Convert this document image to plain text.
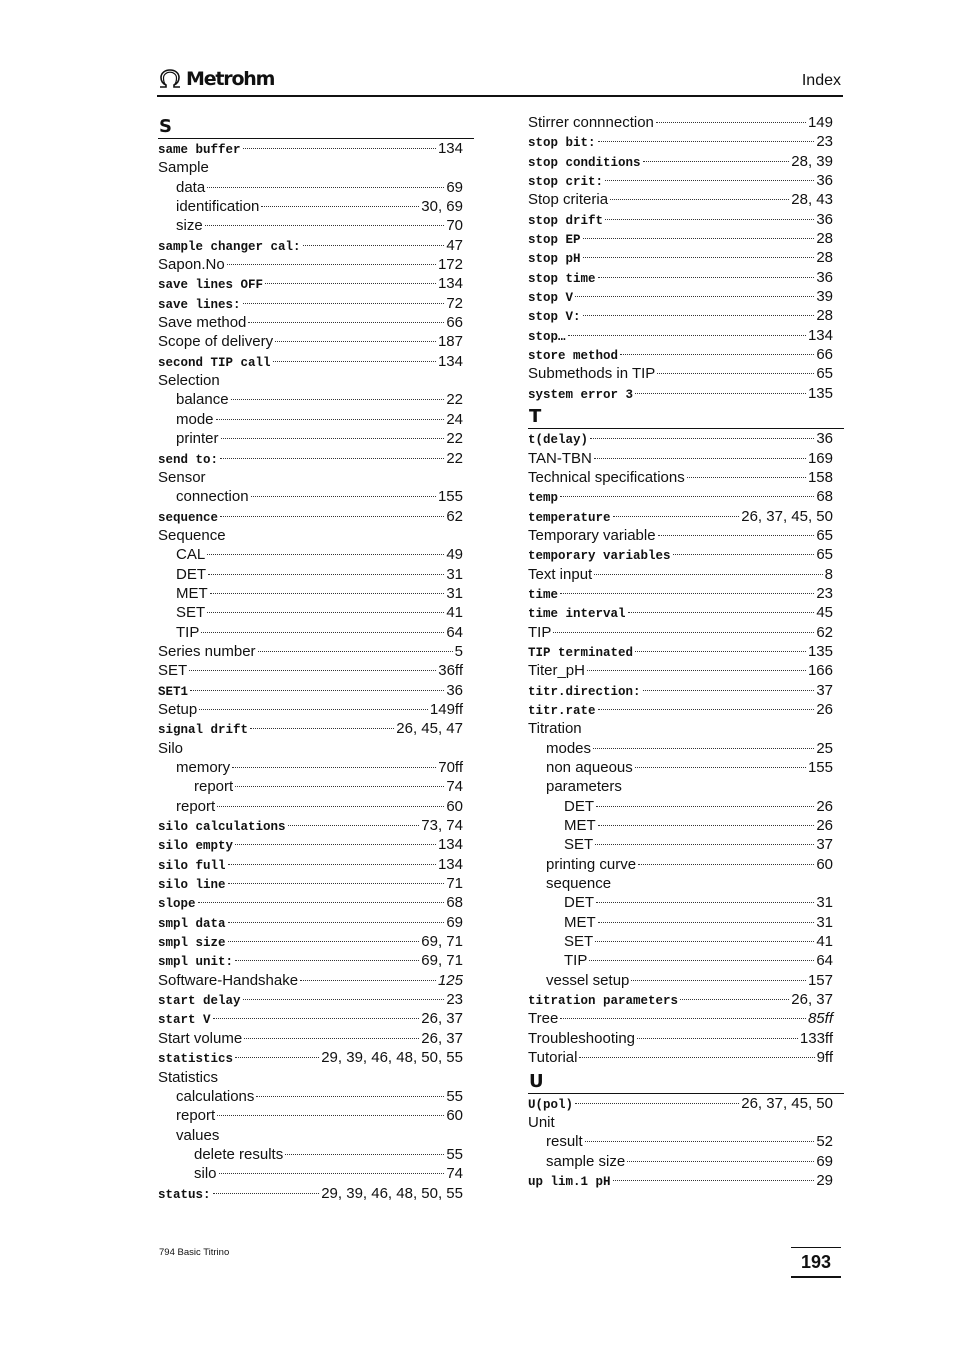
Metrohm	Index
S
same buffer	134
Sample
data	69
identification	30, 69
size	70
sample changer cal:	47
Sapon.No	172
save lines OFF	134
save lines:	72
Save method	66
Scope of delivery	187
second TIP call	134
Selection
balance	22
mode	24
printer	22
send to:	22
Sensor
connection	155
sequence	62
Sequence
CAL	49
DET	31
MET	31
SET	41
TIP	64
Series number	5
SET	36ff
SET1	36
Setup	149ff
signal drift	26, 45, 47
Silo
memory	70ff
report	74
report	60
silo calculations	73, 74
silo empty	134
silo full	134
silo line	71
slope	68
smpl data	69
smpl size	69, 71
smpl unit:	69, 71
Software-Handshake	125
start delay	23
start V	26, 37
Start volume	26, 37
statistics	29, 39, 46, 48, 50, 55
Statistics
calculations	55
report	60
values
delete results	55
silo	74
status:	29, 39, 46, 48, 50, 55
Stirrer connnection	149
stop bit:	23
stop conditions	28, 39
stop crit:	36
Stop criteria	28, 43
stop drift	36
stop EP	28
stop pH	28
stop time	36
stop V	39
stop V:	28
stop…	134
store method	66
Submethods in TIP	65
system error 3	135
T
t(delay)	36
TAN-TBN	169
Technical specifications	158
temp	68
temperature	26, 37, 45, 50
Temporary variable	65
temporary variables	65
Text input	8
time	23
time interval	45
TIP	62
TIP terminated	135
Titer_pH	166
titr.direction:	37
titr.rate	26
Titration
modes	25
non aqueous	155
parameters
DET	26
MET	26
SET	37
printing curve	60
sequence
DET	31
MET	31
SET	41
TIP	64
vessel setup	157
titration parameters	26, 37
Tree	85ff
Troubleshooting	133ff
Tutorial	9ff
U
U(pol)	26, 37, 45, 50
Unit
result	52
sample size	69
up lim.1 pH	29
794 Basic Titrino	193
